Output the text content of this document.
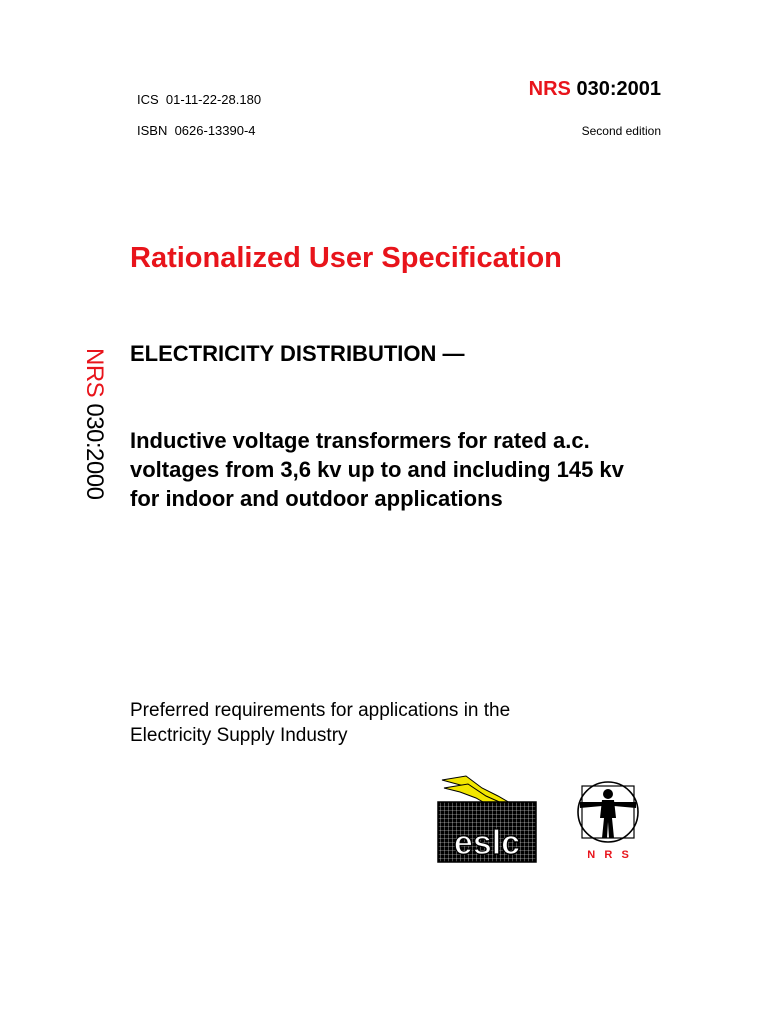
ICS  01-11-22-28.180
ISBN  0626-13390-4
NRS 030:2001
Second edition
Rationalized User Specification
ELECTRICITY DISTRIBUTION —
Inductive voltage transformers for rated a.c. voltages from 3,6 kv up to and including 145 kv for indoor and outdoor applications
NRS 030:2000
Preferred requirements for applications in the Electricity Supply Industry
eslc	N   R   S
